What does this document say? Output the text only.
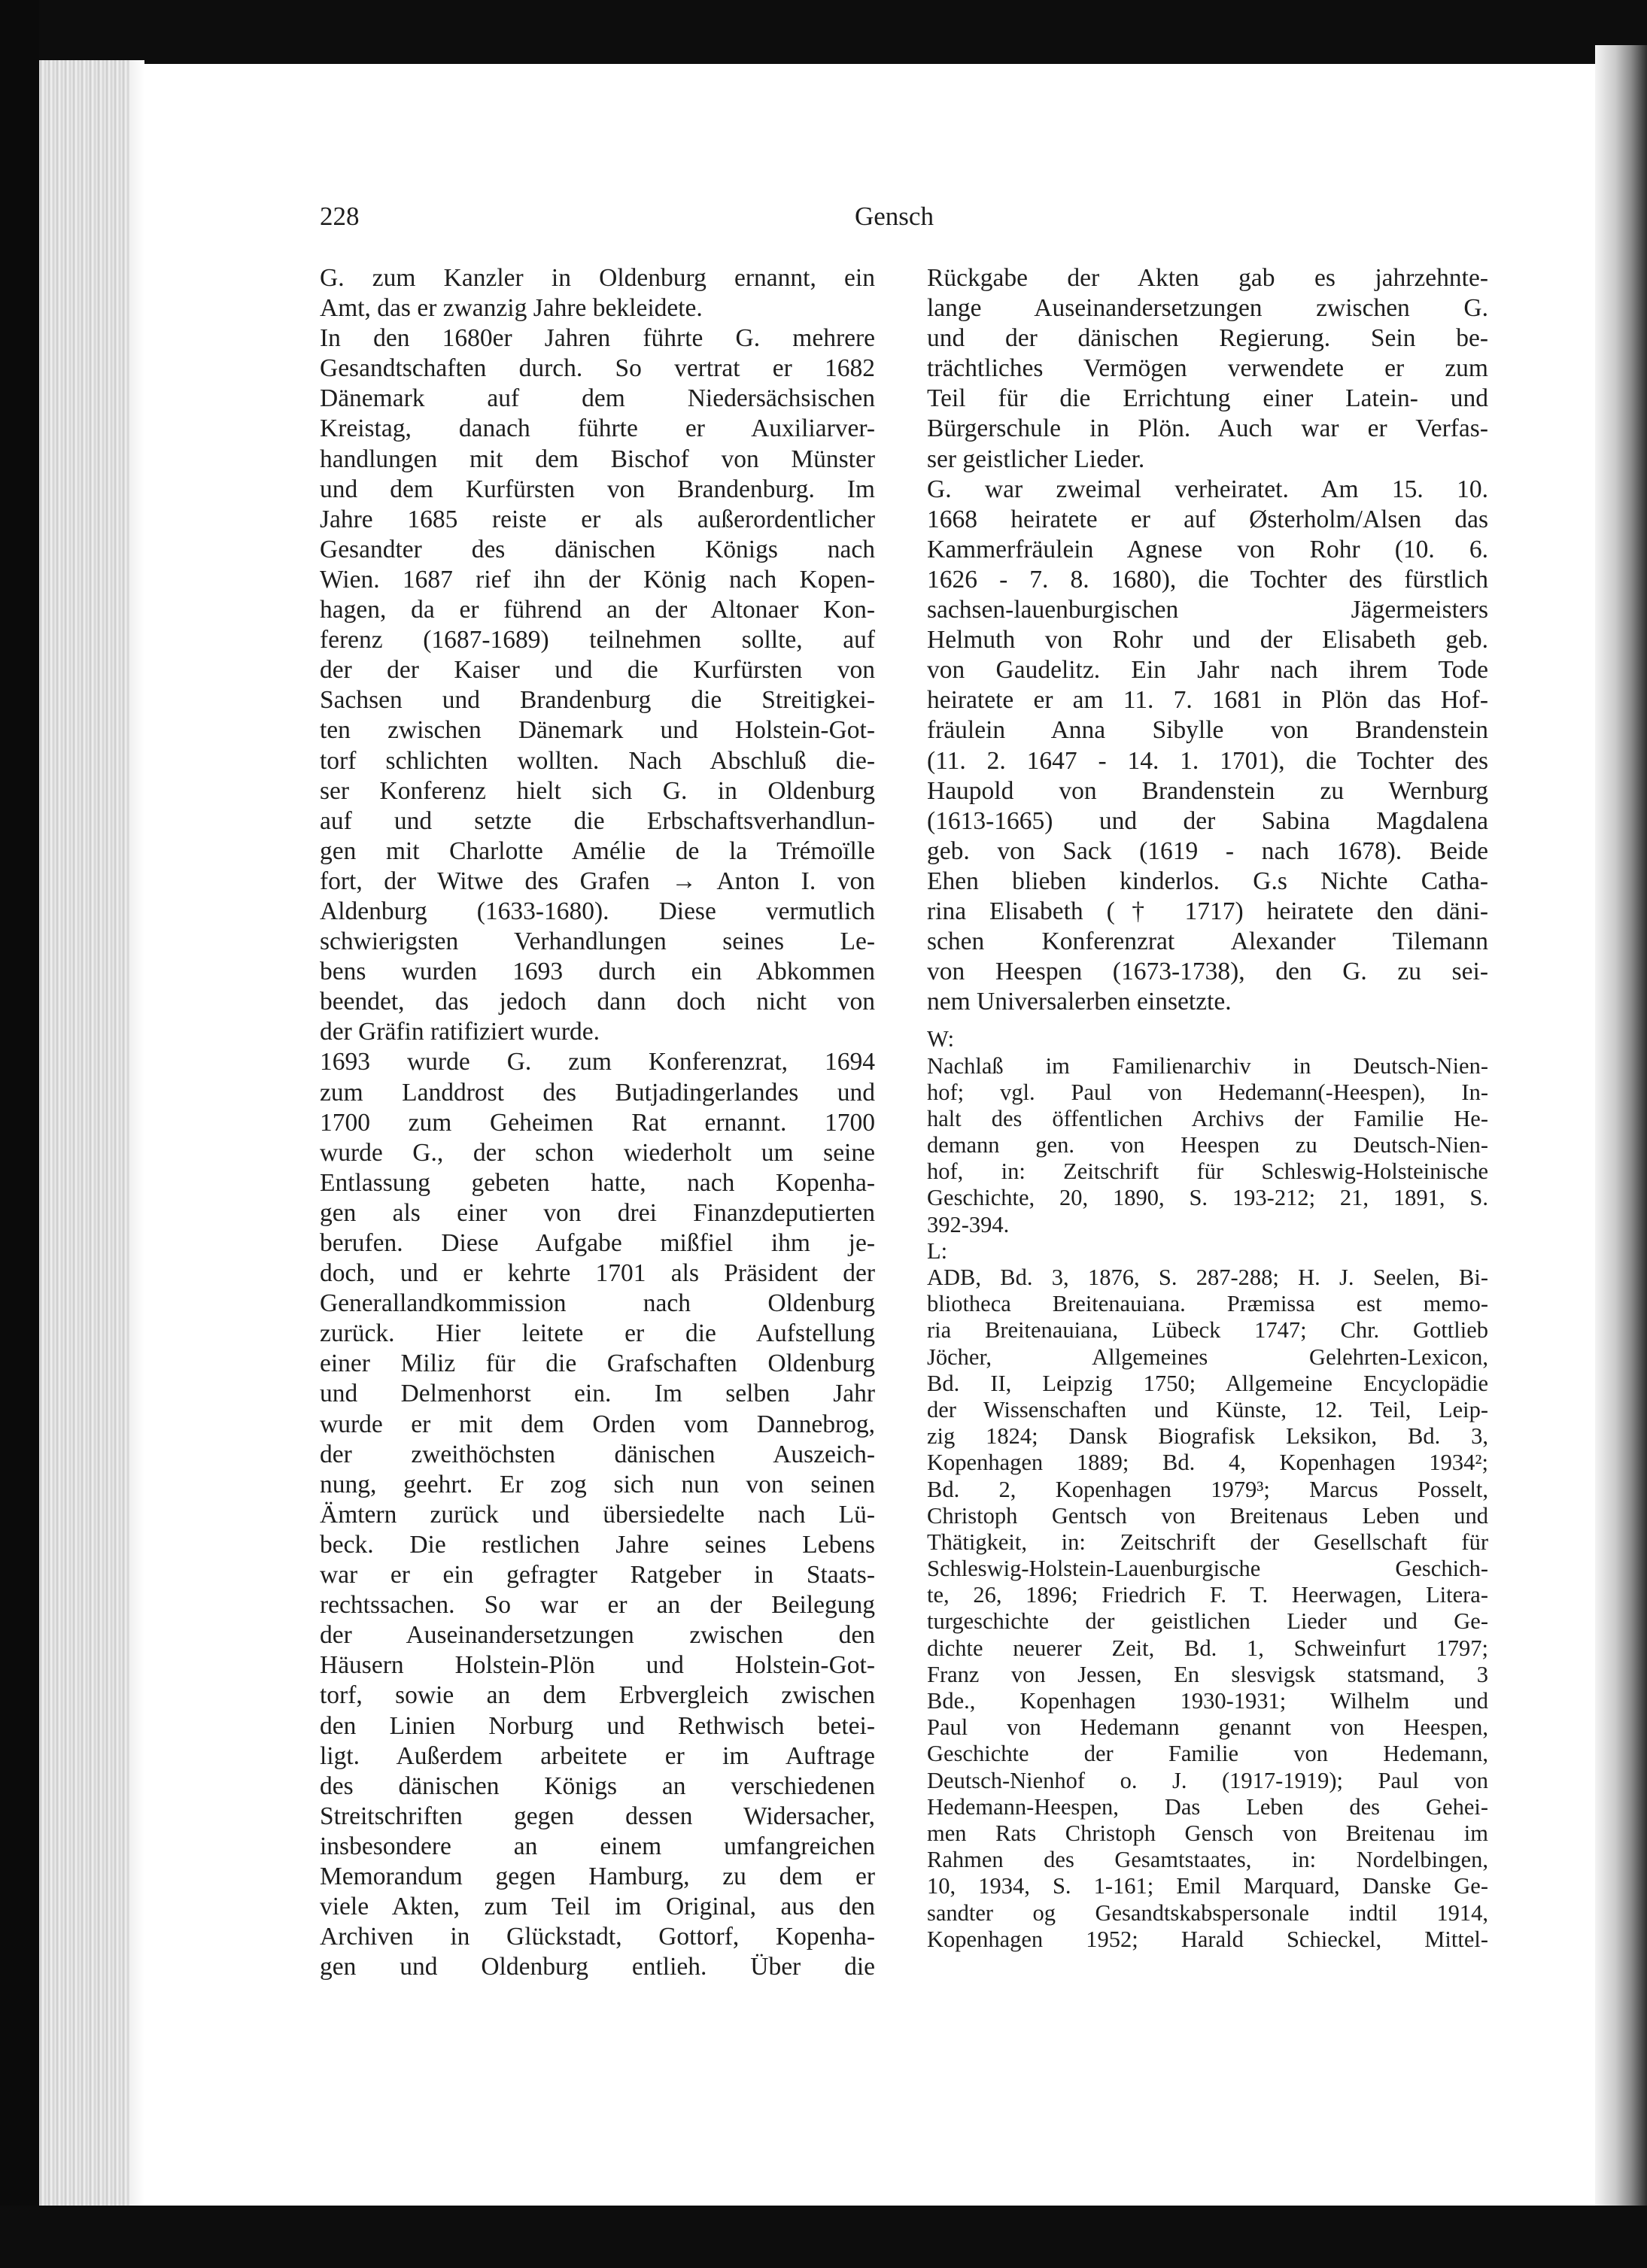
228	Gensch
G. zum Kanzler in Oldenburg ernannt, ein
Amt, das er zwanzig Jahre bekleidete.
In den 1680er Jahren führte G. mehrere
Gesandtschaften durch. So vertrat er 1682
Dänemark auf dem Niedersächsischen
Kreistag, danach führte er Auxiliarver-
handlungen mit dem Bischof von Münster
und dem Kurfürsten von Brandenburg. Im
Jahre 1685 reiste er als außerordentlicher
Gesandter des dänischen Königs nach
Wien. 1687 rief ihn der König nach Kopen-
hagen, da er führend an der Altonaer Kon-
ferenz (1687-1689) teilnehmen sollte, auf
der der Kaiser und die Kurfürsten von
Sachsen und Brandenburg die Streitigkei-
ten zwischen Dänemark und Holstein-Got-
torf schlichten wollten. Nach Abschluß die-
ser Konferenz hielt sich G. in Oldenburg
auf und setzte die Erbschaftsverhandlun-
gen mit Charlotte Amélie de la Trémoïlle
fort, der Witwe des Grafen → Anton I. von
Aldenburg (1633-1680). Diese vermutlich
schwierigsten Verhandlungen seines Le-
bens wurden 1693 durch ein Abkommen
beendet, das jedoch dann doch nicht von
der Gräfin ratifiziert wurde.
1693 wurde G. zum Konferenzrat, 1694
zum Landdrost des Butjadingerlandes und
1700 zum Geheimen Rat ernannt. 1700
wurde G., der schon wiederholt um seine
Entlassung gebeten hatte, nach Kopenha-
gen als einer von drei Finanzdeputierten
berufen. Diese Aufgabe mißfiel ihm je-
doch, und er kehrte 1701 als Präsident der
Generallandkommission nach Oldenburg
zurück. Hier leitete er die Aufstellung
einer Miliz für die Grafschaften Oldenburg
und Delmenhorst ein. Im selben Jahr
wurde er mit dem Orden vom Dannebrog,
der zweithöchsten dänischen Auszeich-
nung, geehrt. Er zog sich nun von seinen
Ämtern zurück und übersiedelte nach Lü-
beck. Die restlichen Jahre seines Lebens
war er ein gefragter Ratgeber in Staats-
rechtssachen. So war er an der Beilegung
der Auseinandersetzungen zwischen den
Häusern Holstein-Plön und Holstein-Got-
torf, sowie an dem Erbvergleich zwischen
den Linien Norburg und Rethwisch betei-
ligt. Außerdem arbeitete er im Auftrage
des dänischen Königs an verschiedenen
Streitschriften gegen dessen Widersacher,
insbesondere an einem umfangreichen
Memorandum gegen Hamburg, zu dem er
viele Akten, zum Teil im Original, aus den
Archiven in Glückstadt, Gottorf, Kopenha-
gen und Oldenburg entlieh. Über die
Rückgabe der Akten gab es jahrzehnte-
lange Auseinandersetzungen zwischen G.
und der dänischen Regierung. Sein be-
trächtliches Vermögen verwendete er zum
Teil für die Errichtung einer Latein- und
Bürgerschule in Plön. Auch war er Verfas-
ser geistlicher Lieder.
G. war zweimal verheiratet. Am 15. 10.
1668 heiratete er auf Østerholm/Alsen das
Kammerfräulein Agnese von Rohr (10. 6.
1626 - 7. 8. 1680), die Tochter des fürstlich
sachsen-lauenburgischen Jägermeisters
Helmuth von Rohr und der Elisabeth geb.
von Gaudelitz. Ein Jahr nach ihrem Tode
heiratete er am 11. 7. 1681 in Plön das Hof-
fräulein Anna Sibylle von Brandenstein
(11. 2. 1647 - 14. 1. 1701), die Tochter des
Haupold von Brandenstein zu Wernburg
(1613-1665) und der Sabina Magdalena
geb. von Sack (1619 - nach 1678). Beide
Ehen blieben kinderlos. G.s Nichte Catha-
rina Elisabeth († 1717) heiratete den däni-
schen Konferenzrat Alexander Tilemann
von Heespen (1673-1738), den G. zu sei-
nem Universalerben einsetzte.
W:
Nachlaß im Familienarchiv in Deutsch-Nien-
hof; vgl. Paul von Hedemann(-Heespen), In-
halt des öffentlichen Archivs der Familie He-
demann gen. von Heespen zu Deutsch-Nien-
hof, in: Zeitschrift für Schleswig-Holsteinische
Geschichte, 20, 1890, S. 193-212; 21, 1891, S.
392-394.
L:
ADB, Bd. 3, 1876, S. 287-288; H. J. Seelen, Bi-
bliotheca Breitenauiana. Præmissa est memo-
ria Breitenauiana, Lübeck 1747; Chr. Gottlieb
Jöcher, Allgemeines Gelehrten-Lexicon,
Bd. II, Leipzig 1750; Allgemeine Encyclopädie
der Wissenschaften und Künste, 12. Teil, Leip-
zig 1824; Dansk Biografisk Leksikon, Bd. 3,
Kopenhagen 1889; Bd. 4, Kopenhagen 1934²;
Bd. 2, Kopenhagen 1979³; Marcus Posselt,
Christoph Gentsch von Breitenaus Leben und
Thätigkeit, in: Zeitschrift der Gesellschaft für
Schleswig-Holstein-Lauenburgische Geschich-
te, 26, 1896; Friedrich F. T. Heerwagen, Litera-
turgeschichte der geistlichen Lieder und Ge-
dichte neuerer Zeit, Bd. 1, Schweinfurt 1797;
Franz von Jessen, En slesvigsk statsmand, 3
Bde., Kopenhagen 1930-1931; Wilhelm und
Paul von Hedemann genannt von Heespen,
Geschichte der Familie von Hedemann,
Deutsch-Nienhof o. J. (1917-1919); Paul von
Hedemann-Heespen, Das Leben des Gehei-
men Rats Christoph Gensch von Breitenau im
Rahmen des Gesamtstaates, in: Nordelbingen,
10, 1934, S. 1-161; Emil Marquard, Danske Ge-
sandter og Gesandtskabspersonale indtil 1914,
Kopenhagen 1952; Harald Schieckel, Mittel-
